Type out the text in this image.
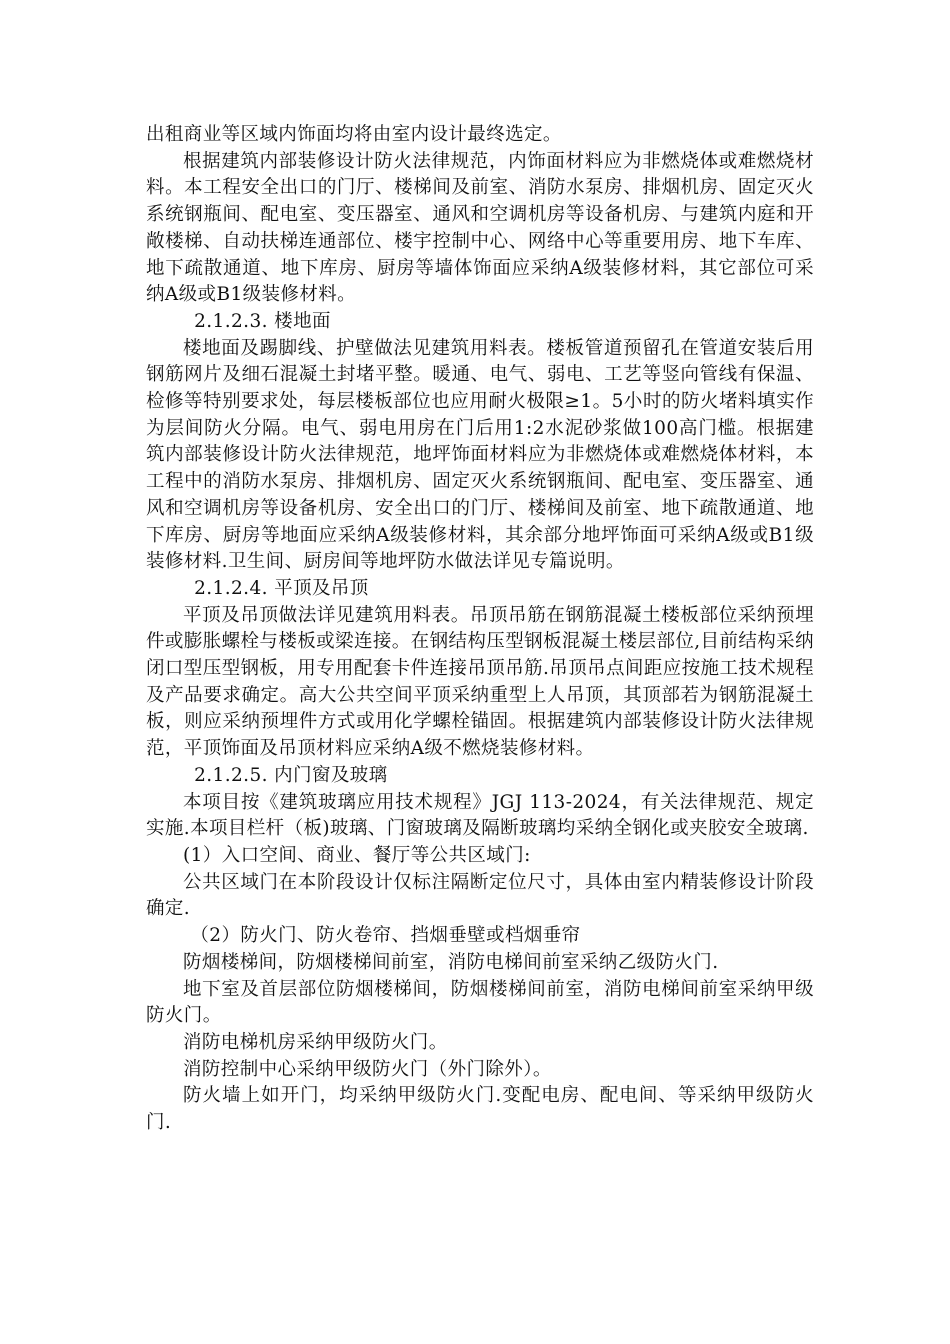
出租商业等区域内饰面均将由室内设计最终选定。

根据建筑内部装修设计防火法律规范，内饰面材料应为非燃烧体或难燃烧材料。本工程安全出口的门厅、楼梯间及前室、消防水泵房、排烟机房、固定灭火系统钢瓶间、配电室、变压器室、通风和空调机房等设备机房、与建筑内庭和开敞楼梯、自动扶梯连通部位、楼宇控制中心、网络中心等重要用房、地下车库、地下疏散通道、地下库房、厨房等墙体饰面应采纳A级装修材料，其它部位可采纳A级或B1级装修材料。

2.1.2.3. 楼地面

楼地面及踢脚线、护壁做法见建筑用料表。楼板管道预留孔在管道安装后用钢筋网片及细石混凝土封堵平整。暖通、电气、弱电、工艺等竖向管线有保温、检修等特别要求处，每层楼板部位也应用耐火极限≥1。5小时的防火堵料填实作为层间防火分隔。电气、弱电用房在门后用1:2水泥砂浆做100高门槛。根据建筑内部装修设计防火法律规范，地坪饰面材料应为非燃烧体或难燃烧体材料，本工程中的消防水泵房、排烟机房、固定灭火系统钢瓶间、配电室、变压器室、通风和空调机房等设备机房、安全出口的门厅、楼梯间及前室、地下疏散通道、地下库房、厨房等地面应采纳A级装修材料，其余部分地坪饰面可采纳A级或B1级装修材料.卫生间、厨房间等地坪防水做法详见专篇说明。

2.1.2.4. 平顶及吊顶

平顶及吊顶做法详见建筑用料表。吊顶吊筋在钢筋混凝土楼板部位采纳预埋件或膨胀螺栓与楼板或梁连接。在钢结构压型钢板混凝土楼层部位,目前结构采纳闭口型压型钢板，用专用配套卡件连接吊顶吊筋.吊顶吊点间距应按施工技术规程及产品要求确定。高大公共空间平顶采纳重型上人吊顶，其顶部若为钢筋混凝土板，则应采纳预埋件方式或用化学螺栓锚固。根据建筑内部装修设计防火法律规范，平顶饰面及吊顶材料应采纳A级不燃烧装修材料。

2.1.2.5. 内门窗及玻璃

本项目按《建筑玻璃应用技术规程》JGJ 113-2024，有关法律规范、规定实施.本项目栏杆（板)玻璃、门窗玻璃及隔断玻璃均采纳全钢化或夹胶安全玻璃.

(1）入口空间、商业、餐厅等公共区域门:

公共区域门在本阶段设计仅标注隔断定位尺寸，具体由室内精装修设计阶段确定.

（2）防火门、防火卷帘、挡烟垂壁或档烟垂帘

防烟楼梯间，防烟楼梯间前室，消防电梯间前室采纳乙级防火门.

地下室及首层部位防烟楼梯间，防烟楼梯间前室，消防电梯间前室采纳甲级防火门。

消防电梯机房采纳甲级防火门。

消防控制中心采纳甲级防火门（外门除外）。

防火墙上如开门，均采纳甲级防火门.变配电房、配电间、等采纳甲级防火门.
